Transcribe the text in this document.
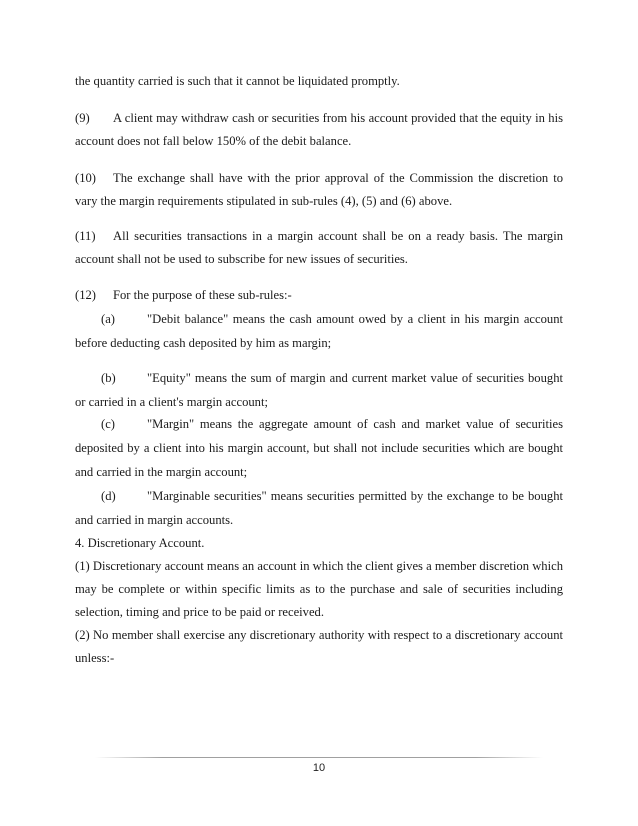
the quantity carried is such that it cannot be liquidated promptly.

(9) A client may withdraw cash or securities from his account provided that the equity in his account does not fall below 150% of the debit balance.

(10) The exchange shall have with the prior approval of the Commission the discretion to vary the margin requirements stipulated in sub-rules (4), (5) and (6) above.

(11) All securities transactions in a margin account shall be on a ready basis. The margin account shall not be used to subscribe for new issues of securities.

(12) For the purpose of these sub-rules:-

(a)	"Debit balance" means the cash amount owed by a client in his margin account before deducting cash deposited by him as margin;

(b) "Equity" means the sum of margin and current market value of securities bought or carried in a client's margin account;

(c)	"Margin" means the aggregate amount of cash and market value of securities deposited by a client into his margin account, but shall not include securities which are bought and carried in the margin account;

(d) "Marginable securities" means securities permitted by the exchange to be bought and carried in margin accounts.

4. Discretionary Account.

(1) Discretionary account means an account in which the client gives a member discretion which may be complete or within specific limits as to the purchase and sale of securities including selection, timing and price to be paid or received.

(2) No member shall exercise any discretionary authority with respect to a discretionary account unless:-

10
